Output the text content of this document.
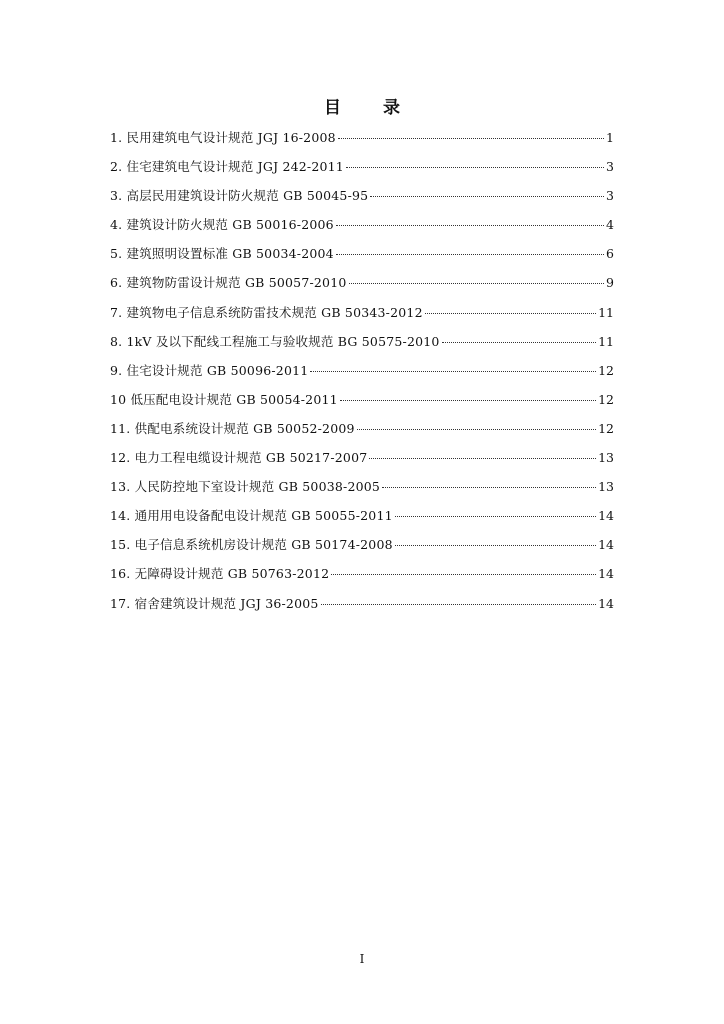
目 录
1. 民用建筑电气设计规范 JGJ 16-2008	1
2. 住宅建筑电气设计规范 JGJ 242-2011	3
3. 高层民用建筑设计防火规范 GB 50045-95	3
4. 建筑设计防火规范 GB 50016-2006	4
5. 建筑照明设置标准 GB 50034-2004	6
6. 建筑物防雷设计规范 GB 50057-2010	9
7. 建筑物电子信息系统防雷技术规范 GB 50343-2012	11
8. 1kV 及以下配线工程施工与验收规范 BG 50575-2010	11
9. 住宅设计规范 GB 50096-2011	12
10 低压配电设计规范 GB 50054-2011	12
11. 供配电系统设计规范 GB 50052-2009	12
12. 电力工程电缆设计规范 GB 50217-2007	13
13. 人民防控地下室设计规范 GB 50038-2005	13
14. 通用用电设备配电设计规范 GB 50055-2011	14
15. 电子信息系统机房设计规范 GB 50174-2008	14
16. 无障碍设计规范 GB 50763-2012	14
17. 宿舍建筑设计规范 JGJ 36-2005	14
I
